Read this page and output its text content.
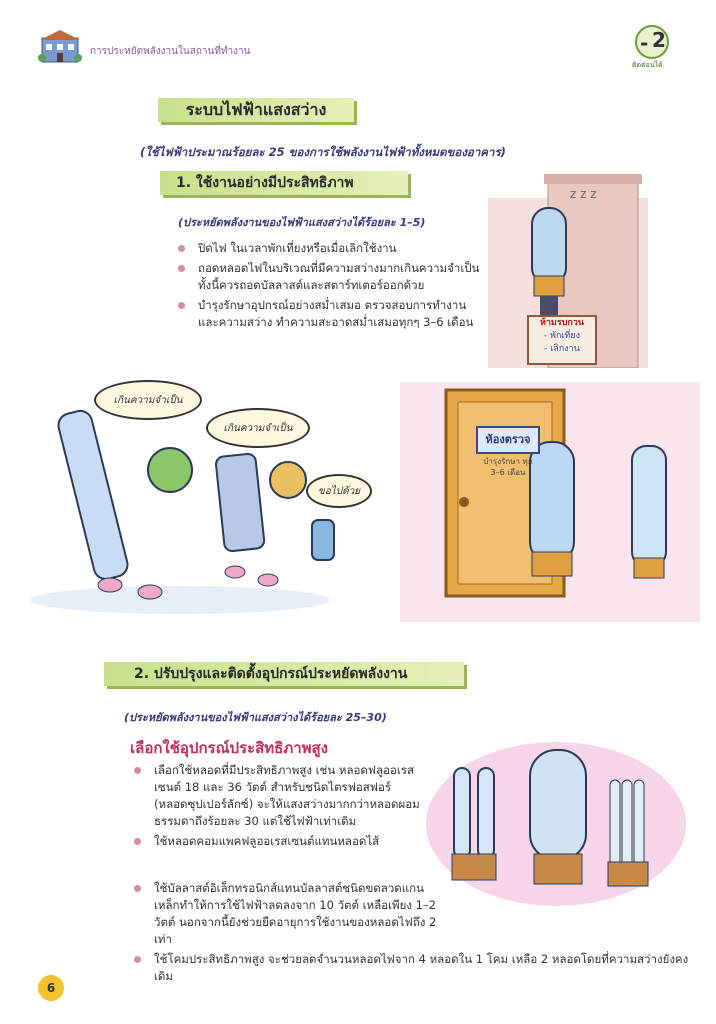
การประหยัดพลังงานในสถานที่ทำงาน	- 2
ติดต่อนได้
ระบบไฟฟ้าแสงสว่าง
(ใช้ไฟฟ้าประมาณร้อยละ 25 ของการใช้พลังงานไฟฟ้าทั้งหมดของอาคาร)
1. ใช้งานอย่างมีประสิทธิภาพ
(ประหยัดพลังงานของไฟฟ้าแสงสว่างได้ร้อยละ 1–5)
ปิดไฟ ในเวลาพักเที่ยงหรือเมื่อเลิกใช้งาน
ถอดหลอดไฟในบริเวณที่มีความสว่างมากเกินความจำเป็น ทั้งนี้ควรถอดบัลลาสต์และสตาร์ทเตอร์ออกด้วย
บำรุงรักษาอุปกรณ์อย่างสม่ำเสมอ ตรวจสอบการทำงาน และความสว่าง ทำความสะอาดสม่ำเสมอทุกๆ 3–6 เดือน
z z z
ห้ามรบกวน
- พักเที่ยง
- เลิกงาน
เกินความจำเป็น
เกินความจำเป็น
ขอไปด้วย
ห้องตรวจ
บำรุงรักษา ทุก 3–6 เดือน
2. ปรับปรุงและติดตั้งอุปกรณ์ประหยัดพลังงาน
(ประหยัดพลังงานของไฟฟ้าแสงสว่างได้ร้อยละ 25–30)
เลือกใช้อุปกรณ์ประสิทธิภาพสูง
เลือกใช้หลอดที่มีประสิทธิภาพสูง เช่น หลอดฟลูออเรสเซนต์ 18 และ 36 วัตต์ สำหรับชนิดไตรฟอสฟอร์ (หลอดซุปเปอร์ลักซ์) จะให้แสงสว่างมากกว่าหลอดผอมธรรมดาถึงร้อยละ 30 แต่ใช้ไฟฟ้าเท่าเดิม
ใช้หลอดคอมแพคฟลูออเรสเซนต์แทนหลอดไส้
ใช้บัลลาสต์อิเล็กทรอนิกส์แทนบัลลาสต์ชนิดขดลวดแกนเหล็กทำให้การใช้ไฟฟ้าลดลงจาก 10 วัตต์ เหลือเพียง 1–2 วัตต์ นอกจากนี้ยังช่วยยืดอายุการใช้งานของหลอดไฟถึง 2 เท่า
ใช้โคมประสิทธิภาพสูง จะช่วยลดจำนวนหลอดไฟจาก 4 หลอดใน 1 โคม เหลือ 2 หลอดโดยที่ความสว่างยังคงเดิม
6
